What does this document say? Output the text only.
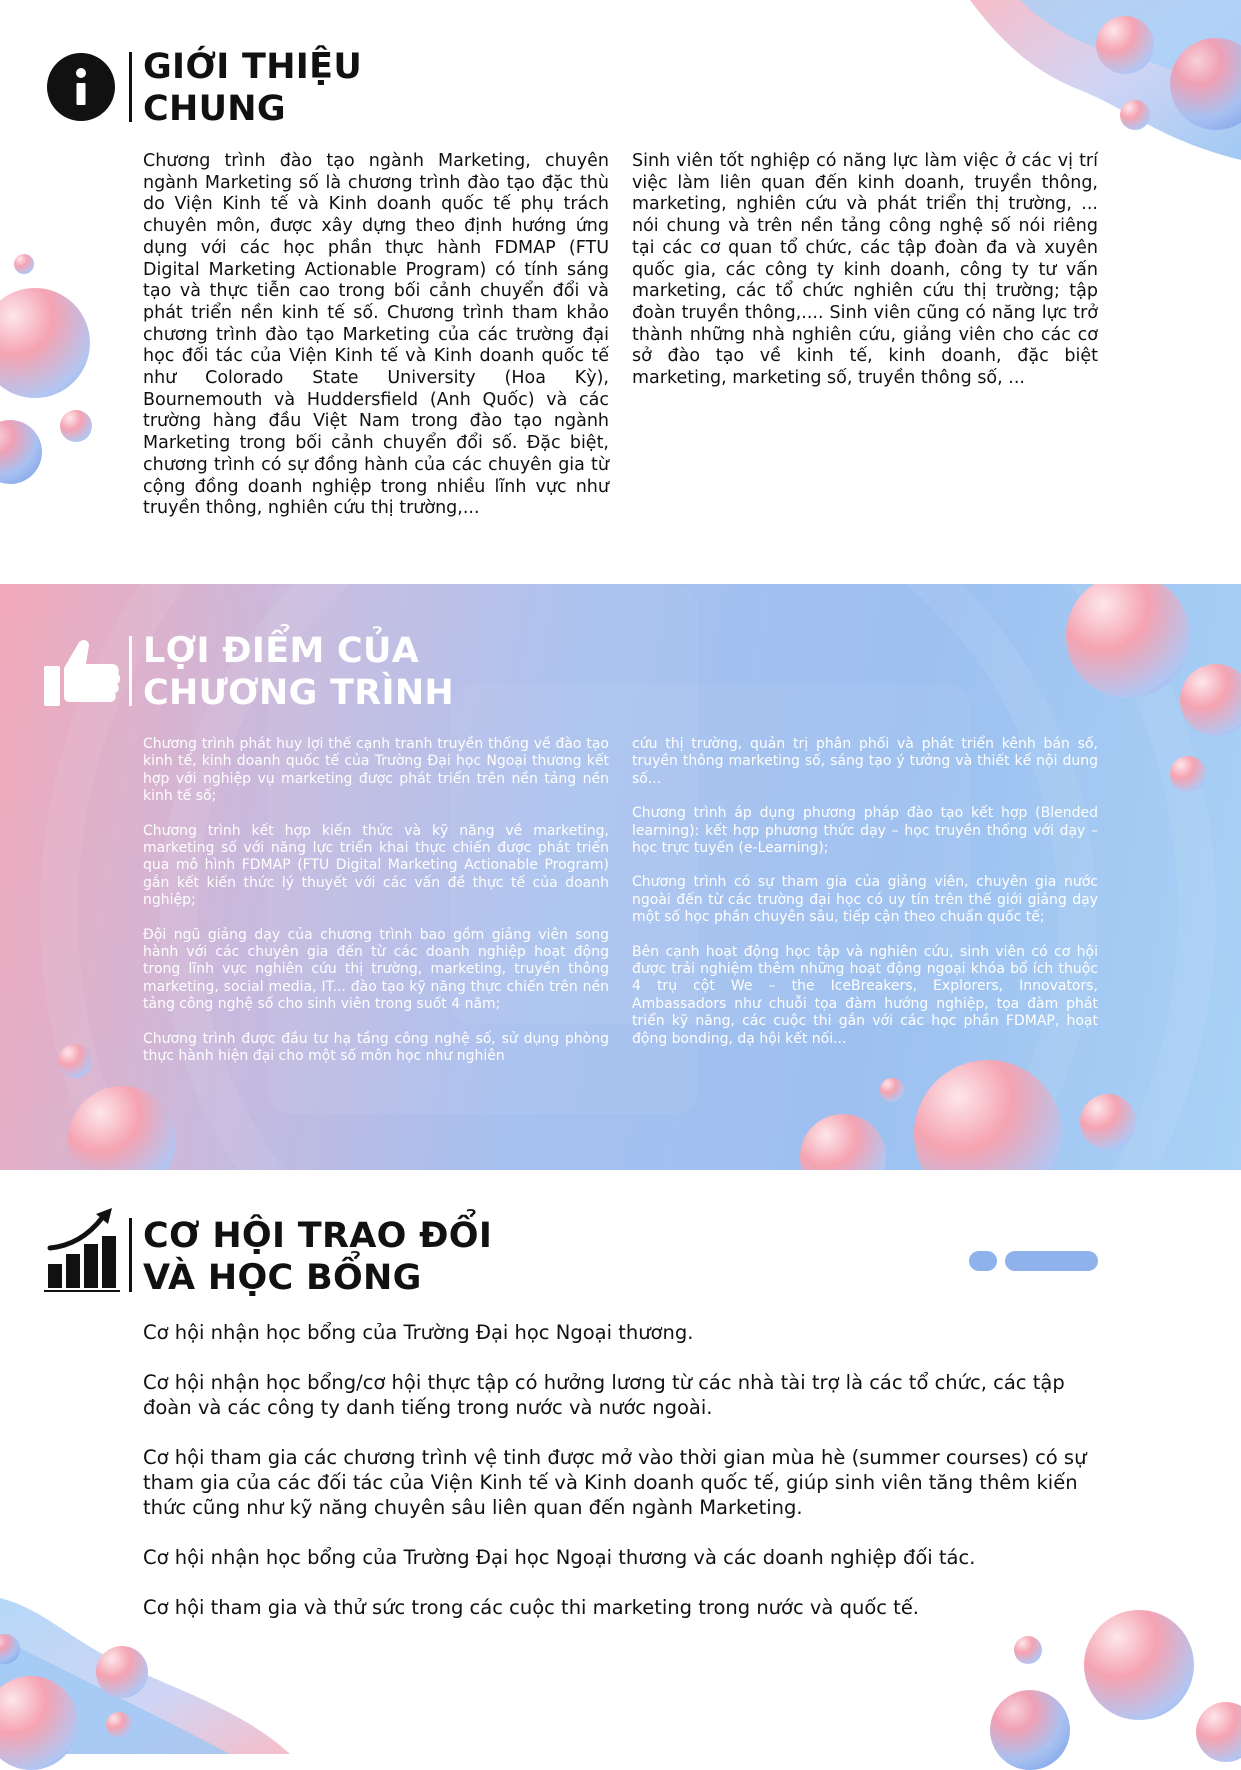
GIỚI THIỆU
CHUNG

Chương trình đào tạo ngành Marketing, chuyên ngành Marketing số là chương trình đào tạo đặc thù do Viện Kinh tế và Kinh doanh quốc tế phụ trách chuyên môn, được xây dựng theo định hướng ứng dụng với các học phần thực hành FDMAP (FTU Digital Marketing Actionable Program) có tính sáng tạo và thực tiễn cao trong bối cảnh chuyển đổi và phát triển nền kinh tế số. Chương trình tham khảo chương trình đào tạo Marketing của các trường đại học đối tác của Viện Kinh tế và Kinh doanh quốc tế như Colorado State University (Hoa Kỳ), Bournemouth và Huddersfield (Anh Quốc) và các trường hàng đầu Việt Nam trong đào tạo ngành Marketing trong bối cảnh chuyển đổi số. Đặc biệt, chương trình có sự đồng hành của các chuyên gia từ cộng đồng doanh nghiệp trong nhiều lĩnh vực như truyền thông, nghiên cứu thị trường,...

Sinh viên tốt nghiệp có năng lực làm việc ở các vị trí việc làm liên quan đến kinh doanh, truyền thông, marketing, nghiên cứu và phát triển thị trường, ... nói chung và trên nền tảng công nghệ số nói riêng tại các cơ quan tổ chức, các tập đoàn đa và xuyên quốc gia, các công ty kinh doanh, công ty tư vấn marketing, các tổ chức nghiên cứu thị trường; tập đoàn truyền thông,.... Sinh viên cũng có năng lực trở thành những nhà nghiên cứu, giảng viên cho các cơ sở đào tạo về kinh tế, kinh doanh, đặc biệt marketing, marketing số, truyền thông số, ...

LỢI ĐIỂM CỦA
CHƯƠNG TRÌNH

Chương trình phát huy lợi thế cạnh tranh truyền thống về đào tạo kinh tế, kinh doanh quốc tế của Trường Đại học Ngoại thương kết hợp với nghiệp vụ marketing được phát triển trên nền tảng nền kinh tế số;

Chương trình kết hợp kiến thức và kỹ năng về marketing, marketing số với năng lực triển khai thực chiến được phát triển qua mô hình FDMAP (FTU Digital Marketing Actionable Program) gắn kết kiến thức lý thuyết với các vấn đề thực tế của doanh nghiệp;

Đội ngũ giảng dạy của chương trình bao gồm giảng viên song hành với các chuyên gia đến từ các doanh nghiệp hoạt động trong lĩnh vực nghiên cứu thị trường, marketing, truyền thông marketing, social media, IT... đào tạo kỹ năng thực chiến trên nền tảng công nghệ số cho sinh viên trong suốt 4 năm;

Chương trình được đầu tư hạ tầng công nghệ số, sử dụng phòng thực hành hiện đại cho một số môn học như nghiên

cứu thị trường, quản trị phân phối và phát triển kênh bán số, truyền thông marketing số, sáng tạo ý tưởng và thiết kế nội dung số...

Chương trình áp dụng phương pháp đào tạo kết hợp (Blended learning): kết hợp phương thức dạy – học truyền thống với dạy – học trực tuyến (e-Learning);

Chương trình có sự tham gia của giảng viên, chuyên gia nước ngoài đến từ các trường đại học có uy tín trên thế giới giảng dạy một số học phần chuyên sâu, tiếp cận theo chuẩn quốc tế;

Bên cạnh hoạt động học tập và nghiên cứu, sinh viên có cơ hội được trải nghiệm thêm những hoạt động ngoại khóa bổ ích thuộc 4 trụ cột We – the IceBreakers, Explorers, Innovators, Ambassadors như chuỗi tọa đàm hướng nghiệp, tọa đàm phát triển kỹ năng, các cuộc thi gắn với các học phần FDMAP, hoạt động bonding, dạ hội kết nối...

CƠ HỘI TRAO ĐỔI
VÀ HỌC BỔNG

Cơ hội nhận học bổng của Trường Đại học Ngoại thương.

Cơ hội nhận học bổng/cơ hội thực tập có hưởng lương từ các nhà tài trợ là các tổ chức, các tập đoàn và các công ty danh tiếng trong nước và nước ngoài.

Cơ hội tham gia các chương trình vệ tinh được mở vào thời gian mùa hè (summer courses) có sự tham gia của các đối tác của Viện Kinh tế và Kinh doanh quốc tế, giúp sinh viên tăng thêm kiến thức cũng như kỹ năng chuyên sâu liên quan đến ngành Marketing.

Cơ hội nhận học bổng của Trường Đại học Ngoại thương và các doanh nghiệp đối tác.

Cơ hội tham gia và thử sức trong các cuộc thi marketing trong nước và quốc tế.
